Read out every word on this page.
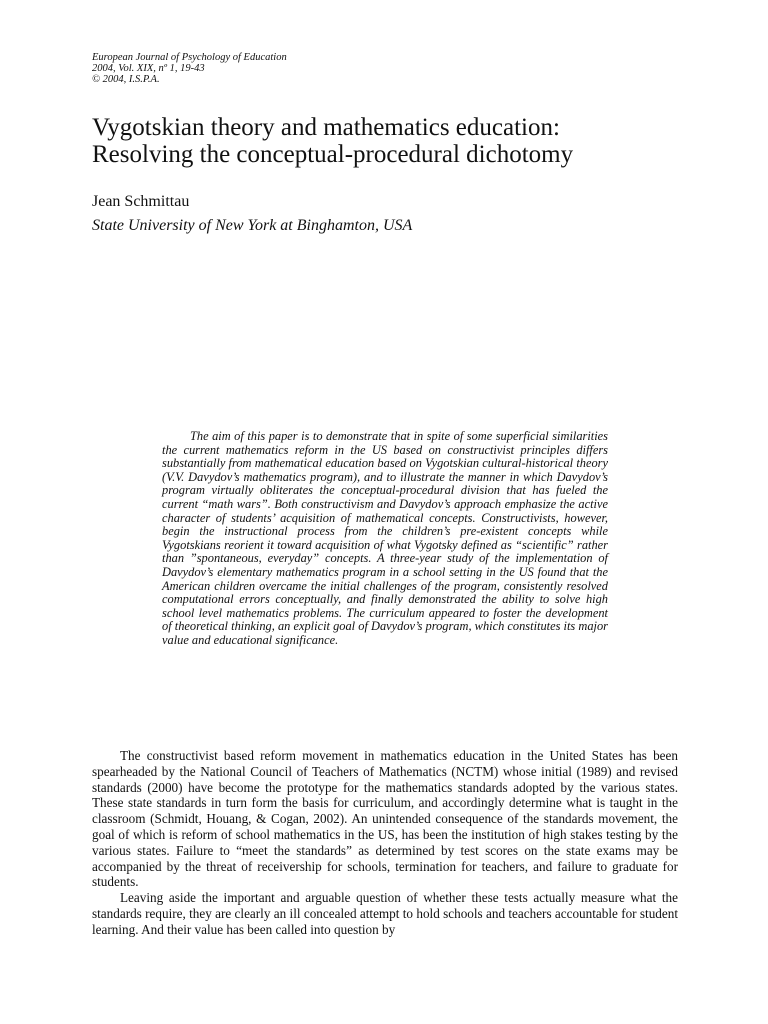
European Journal of Psychology of Education
2004, Vol. XIX, nº 1, 19-43
© 2004, I.S.P.A.
Vygotskian theory and mathematics education:
Resolving the conceptual-procedural dichotomy
Jean Schmittau
State University of New York at Binghamton, USA

The aim of this paper is to demonstrate that in spite of some superficial similarities the current mathematics reform in the US based on constructivist principles differs substantially from mathematical education based on Vygotskian cultural-historical theory (V.V. Davydov’s mathematics program), and to illustrate the manner in which Davydov’s program virtually obliterates the conceptual-procedural division that has fueled the current “math wars”. Both constructivism and Davydov’s approach emphasize the active character of students’ acquisition of mathematical concepts. Constructivists, however, begin the instructional process from the children’s pre-existent concepts while Vygotskians reorient it toward acquisition of what Vygotsky defined as “scientific” rather than ”spontaneous, everyday” concepts. A three-year study of the implementation of Davydov’s elementary mathematics program in a school setting in the US found that the American children overcame the initial challenges of the program, consistently resolved computational errors conceptually, and finally demonstrated the ability to solve high school level mathematics problems. The curriculum appeared to foster the development of theoretical thinking, an explicit goal of Davydov’s program, which constitutes its major value and educational significance.

The constructivist based reform movement in mathematics education in the United States has been spearheaded by the National Council of Teachers of Mathematics (NCTM) whose initial (1989) and revised standards (2000) have become the prototype for the mathematics standards adopted by the various states. These state standards in turn form the basis for curriculum, and accordingly determine what is taught in the classroom (Schmidt, Houang, & Cogan, 2002). An unintended consequence of the standards movement, the goal of which is reform of school mathematics in the US, has been the institution of high stakes testing by the various states. Failure to “meet the standards” as determined by test scores on the state exams may be accompanied by the threat of receivership for schools, termination for teachers, and failure to graduate for students.

Leaving aside the important and arguable question of whether these tests actually measure what the standards require, they are clearly an ill concealed attempt to hold schools and teachers accountable for student learning. And their value has been called into question by
